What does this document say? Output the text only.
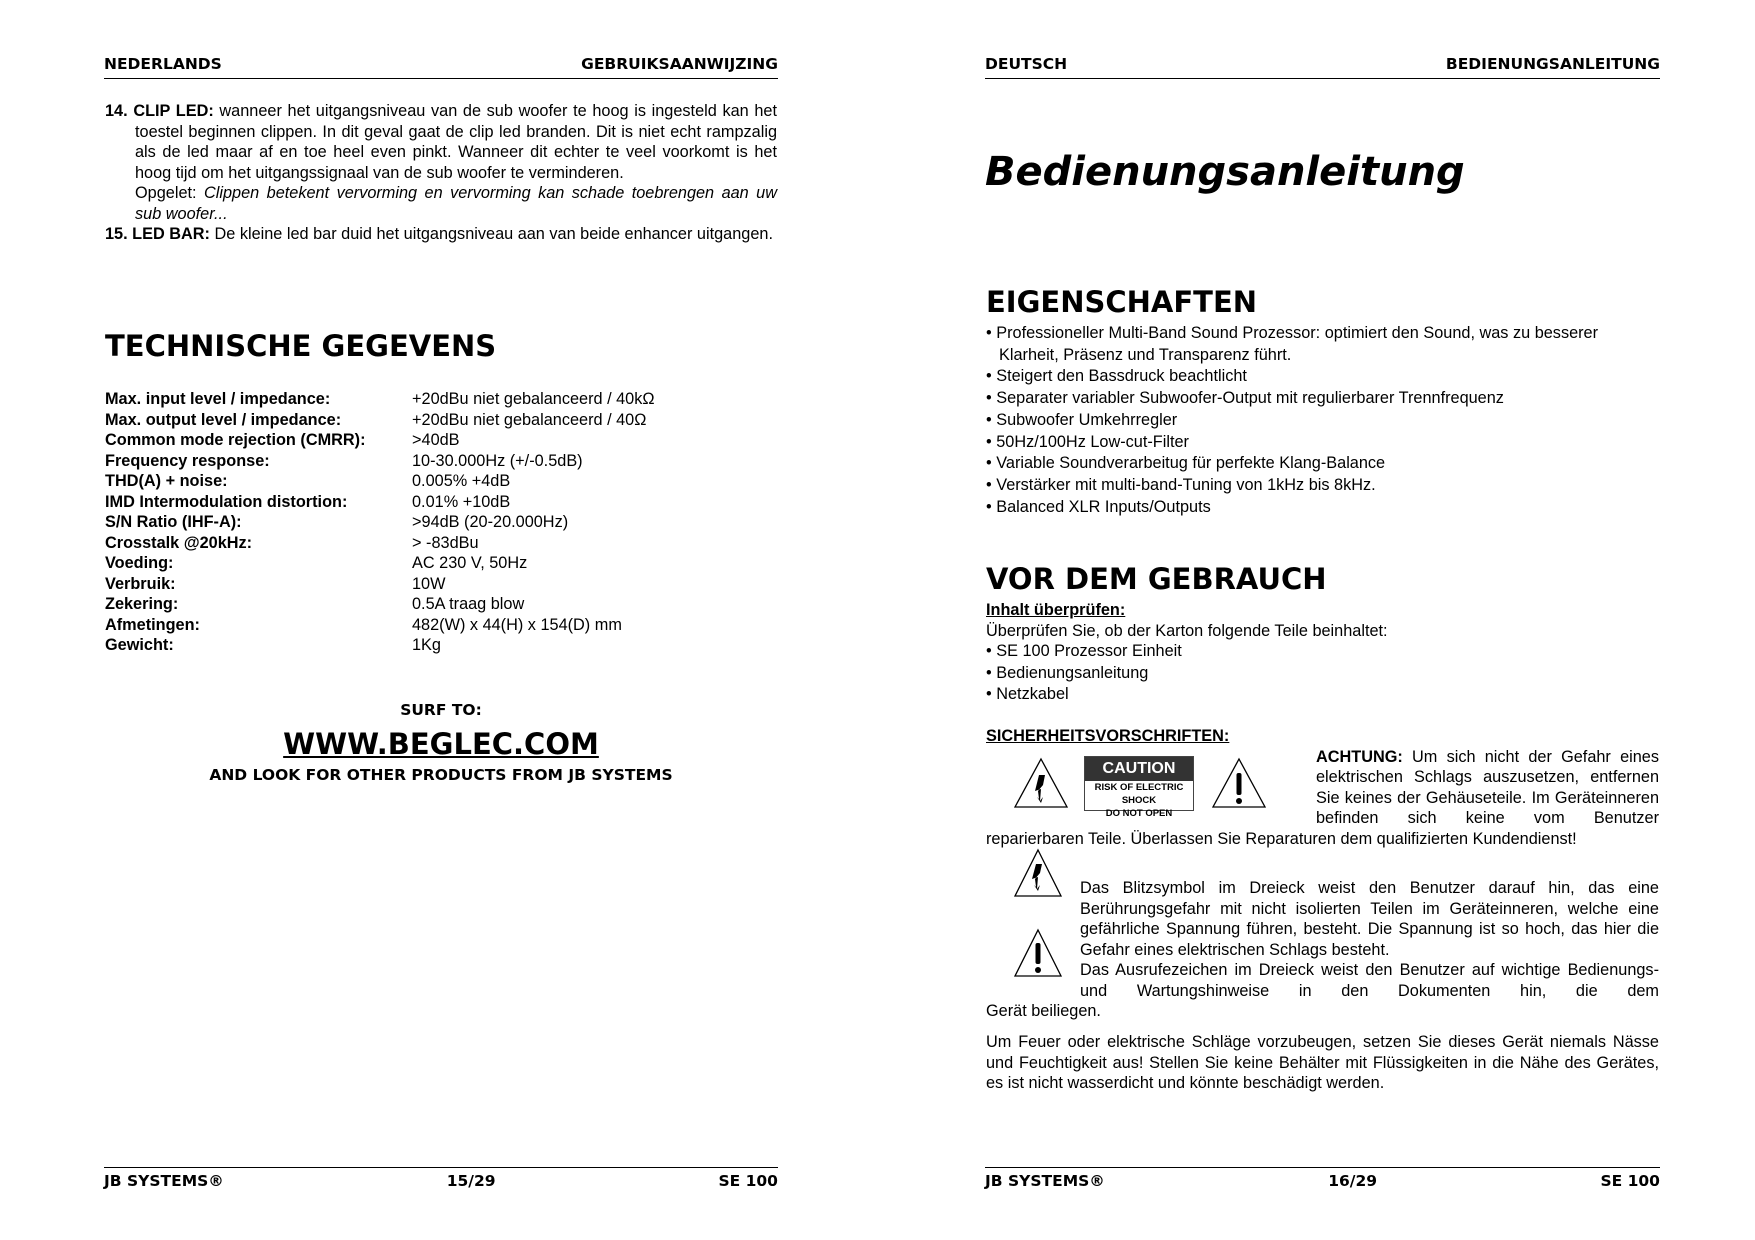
NEDERLANDS	GEBRUIKSAANWIJZING
14. CLIP LED: wanneer het uitgangsniveau van de sub woofer te hoog is ingesteld kan het toestel beginnen clippen. In dit geval gaat de clip led branden. Dit is niet echt rampzalig als de led maar af en toe heel even pinkt. Wanneer dit echter te veel voorkomt is het hoog tijd om het uitgangssignaal van de sub woofer te verminderen.
Opgelet: Clippen betekent vervorming en vervorming kan schade toebrengen aan uw sub woofer...
15. LED BAR: De kleine led bar duid het uitgangsniveau aan van beide enhancer uitgangen.
TECHNISCHE GEGEVENS
Max. input level / impedance:	+20dBu niet gebalanceerd / 40kΩ
Max. output level / impedance:	+20dBu niet gebalanceerd / 40Ω
Common mode rejection (CMRR):	>40dB
Frequency response:	10-30.000Hz (+/-0.5dB)
THD(A) + noise:	0.005% +4dB
IMD Intermodulation distortion:	0.01% +10dB
S/N Ratio (IHF-A):	>94dB (20-20.000Hz)
Crosstalk @20kHz:	> -83dBu
Voeding:	AC 230 V, 50Hz
Verbruik:	10W
Zekering:	0.5A traag blow
Afmetingen:	482(W) x 44(H) x 154(D) mm
Gewicht:	1Kg
SURF TO:
WWW.BEGLEC.COM
AND LOOK FOR OTHER PRODUCTS FROM JB SYSTEMS
JB SYSTEMS®	15/29	SE 100
DEUTSCH	BEDIENUNGSANLEITUNG
Bedienungsanleitung
EIGENSCHAFTEN
• Professioneller Multi-Band Sound Prozessor: optimiert den Sound, was zu besserer Klarheit, Präsenz und Transparenz führt.
• Steigert den Bassdruck beachtlicht
• Separater variabler Subwoofer-Output mit regulierbarer Trennfrequenz
• Subwoofer Umkehrregler
• 50Hz/100Hz Low-cut-Filter
• Variable Soundverarbeitug für perfekte Klang-Balance
• Verstärker mit multi-band-Tuning von 1kHz bis 8kHz.
• Balanced XLR Inputs/Outputs
VOR DEM GEBRAUCH
Inhalt überprüfen:
Überprüfen Sie, ob der Karton folgende Teile beinhaltet:
• SE 100 Prozessor Einheit
• Bedienungsanleitung
• Netzkabel
SICHERHEITSVORSCHRIFTEN:
CAUTION
RISK OF ELECTRIC SHOCK
DO NOT OPEN
ACHTUNG: Um sich nicht der Gefahr eines elektrischen Schlags auszusetzen, entfernen Sie keines der Gehäuseteile. Im Geräteinneren befinden sich keine vom Benutzer reparierbaren Teile. Überlassen Sie Reparaturen dem qualifizierten Kundendienst!
Das Blitzsymbol im Dreieck weist den Benutzer darauf hin, das eine Berührungsgefahr mit nicht isolierten Teilen im Geräteinneren, welche eine gefährliche Spannung führen, besteht. Die Spannung ist so hoch, das hier die Gefahr eines elektrischen Schlags besteht.
Das Ausrufezeichen im Dreieck weist den Benutzer auf wichtige Bedienungs- und Wartungshinweise in den Dokumenten hin, die dem
Gerät beiliegen.
Um Feuer oder elektrische Schläge vorzubeugen, setzen Sie dieses Gerät niemals Nässe und Feuchtigkeit aus! Stellen Sie keine Behälter mit Flüssigkeiten in die Nähe des Gerätes, es ist nicht wasserdicht und könnte beschädigt werden.
JB SYSTEMS®	16/29	SE 100
